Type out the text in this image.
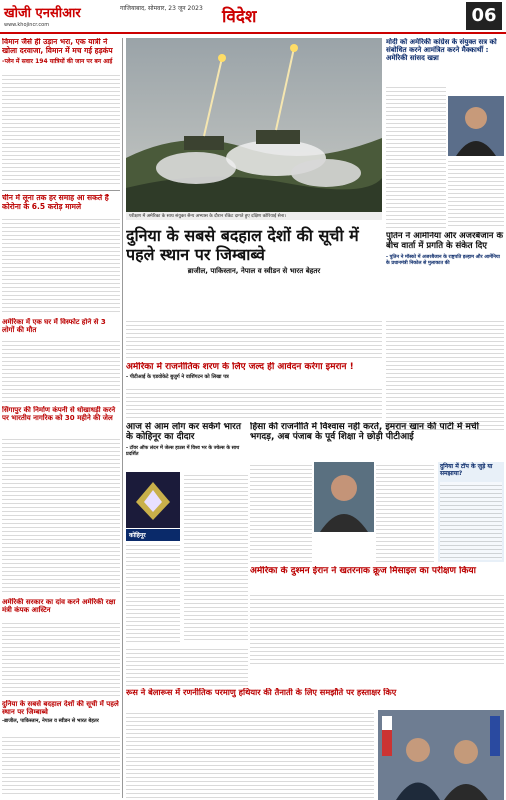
खोजी एनसीआर	गाजियाबाद, सोमवार, 23 जून 2023
www.khojincr.com	विदेश	06
विमान जैसे ही उड़ान भरा, एक यात्री ने खोला दरवाजा, विमान में मच गई हड़कंप
-प्लेन में सवार 194 यात्रियों की जान पर बन आई
चीन में लूना तक हर समाह आ सकते हैं कोरोना के 6.5 करोड़ मामले
अमेरिका में एक घर में विस्फोट होने से 3 लोगों की मौत
सिंगापुर की निर्माण कंपनी से धोखाधड़ी करने पर भारतीय नागरिक को 30 महीने की जेल
अमेरिकी सरकार का दांव करने अमेरिकी रक्षा मंत्री कंपक आस्टिन
दुनिया के सबसे बदहाल देशों की सूची में पहले स्थान पर जिम्बाब्वे
-ब्राजील, पाकिस्तान, नेपाल व स्वीडन से भारत बेहतर
परीक्षण में अमेरिका के साथ संयुक्त सैन्य अभ्यास के दौरान रॉकेट दागते हुए दक्षिण कोरियाई सेना।
मोदी को अमेरिकी कांग्रेस के संयुक्त सत्र को संबोधित करने आमंत्रित करने मैक्कार्थी : अमेरिकी सांसद खन्ना
दुनिया के सबसे बदहाल देशों की सूची में पहले स्थान पर जिम्बाब्वे
ब्राजील, पाकिस्तान, नेपाल व स्वीडन से भारत बेहतर
पुतिन ने आर्मेनिया और अजरबैजान के बीच वार्ता में प्रगति के संकेत दिए
- पुतिन ने मॉस्को में अजरबैजान के राष्ट्रपति इल्हाम और आर्मेनिया के प्रधानमंत्री निकोल से मुलाकात की
अमेरिका में राजनीतिक शरण के लिए जल्द ही आवेदन करेगा इमरान !
- पीटीआई के एडवोकेटे बुजुर्ग ने वाशिंगटन को लिखा पत्र
आज से आम लोग कर सकेंगे भारत के कोहिनूर का दीदार
- टॉवर ऑफ लंदन में जेल्स हाउस में विश्व भर के ज्वेल्स के साथ प्रदर्शित
कोहिनूर
हिंसा की राजनीति में विश्वास नहीं करते, इमरान खान की पार्टी में मची भगदड़, अब पंजाब के पूर्व शिक्षा ने छोड़ी पीटीआई
दुनिया में टॉप के जुड़े या समझाया?
अमेरिका के दुश्मन ईरान ने खतरनाक क्रूज मिसाइल का परीक्षण किया
रूस ने बेलारूस में रणनीतिक परमाणु हथियार की तैनाती के लिए समझौते पर हस्ताक्षर किए
